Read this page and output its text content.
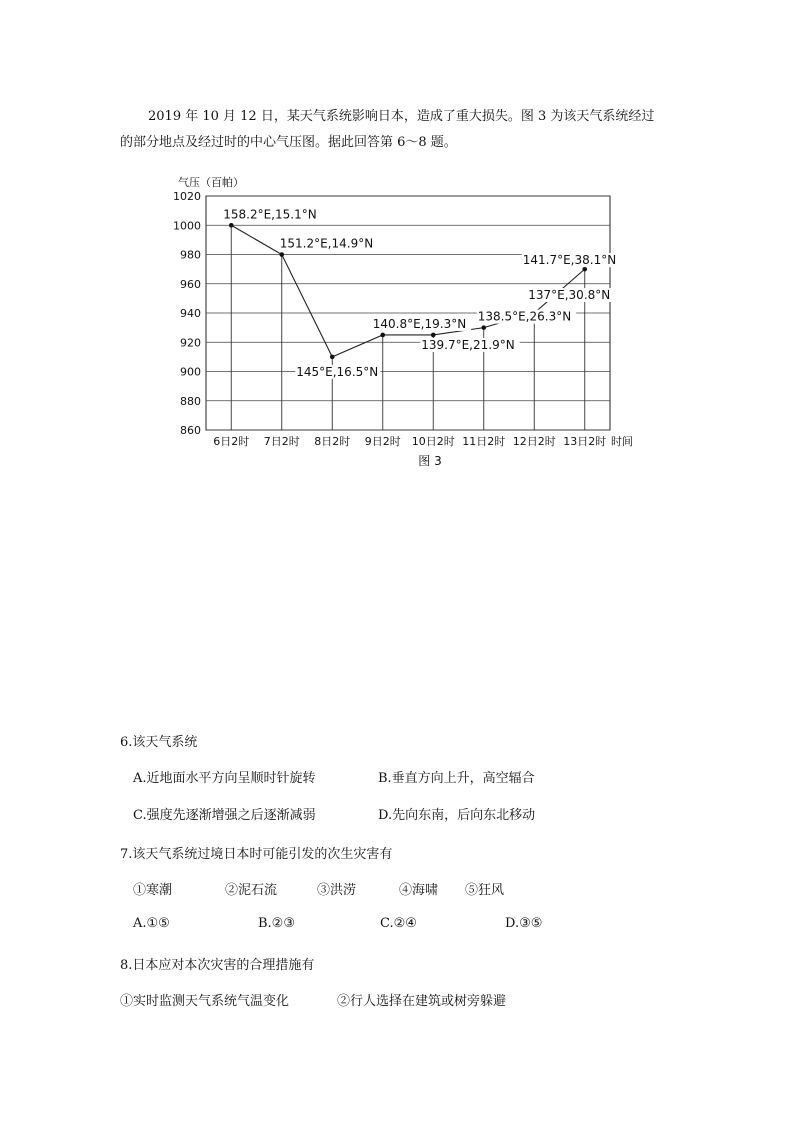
2019 年 10 月 12 日，某天气系统影响日本，造成了重大损失。图 3 为该天气系统经过
的部分地点及经过时的中心气压图。据此回答第 6～8 题。

860
880
900
920
940
960
980
1000
1020
气压（百帕）
6日2时 7日2时 8日2时 9日2时 10日2时 11日2时 12日2时 13日2时 时间
158.2°E,15.1°N
151.2°E,14.9°N
145°E,16.5°N
140.8°E,19.3°N
139.7°E,21.9°N
138.5°E,26.3°N
137°E,30.8°N
141.7°E,38.1°N
图 3

6.该天气系统

A.近地面水平方向呈顺时针旋转	B.垂直方向上升，高空辐合
C.强度先逐渐增强之后逐渐减弱	D.先向东南，后向东北移动

7.该天气系统过境日本时可能引发的次生灾害有

①寒潮	②泥石流	③洪涝	④海啸 ⑤狂风
A.①⑤	B.②③	C.②④	D.③⑤

8.日本应对本次灾害的合理措施有

①实时监测天气系统气温变化	②行人选择在建筑或树旁躲避
